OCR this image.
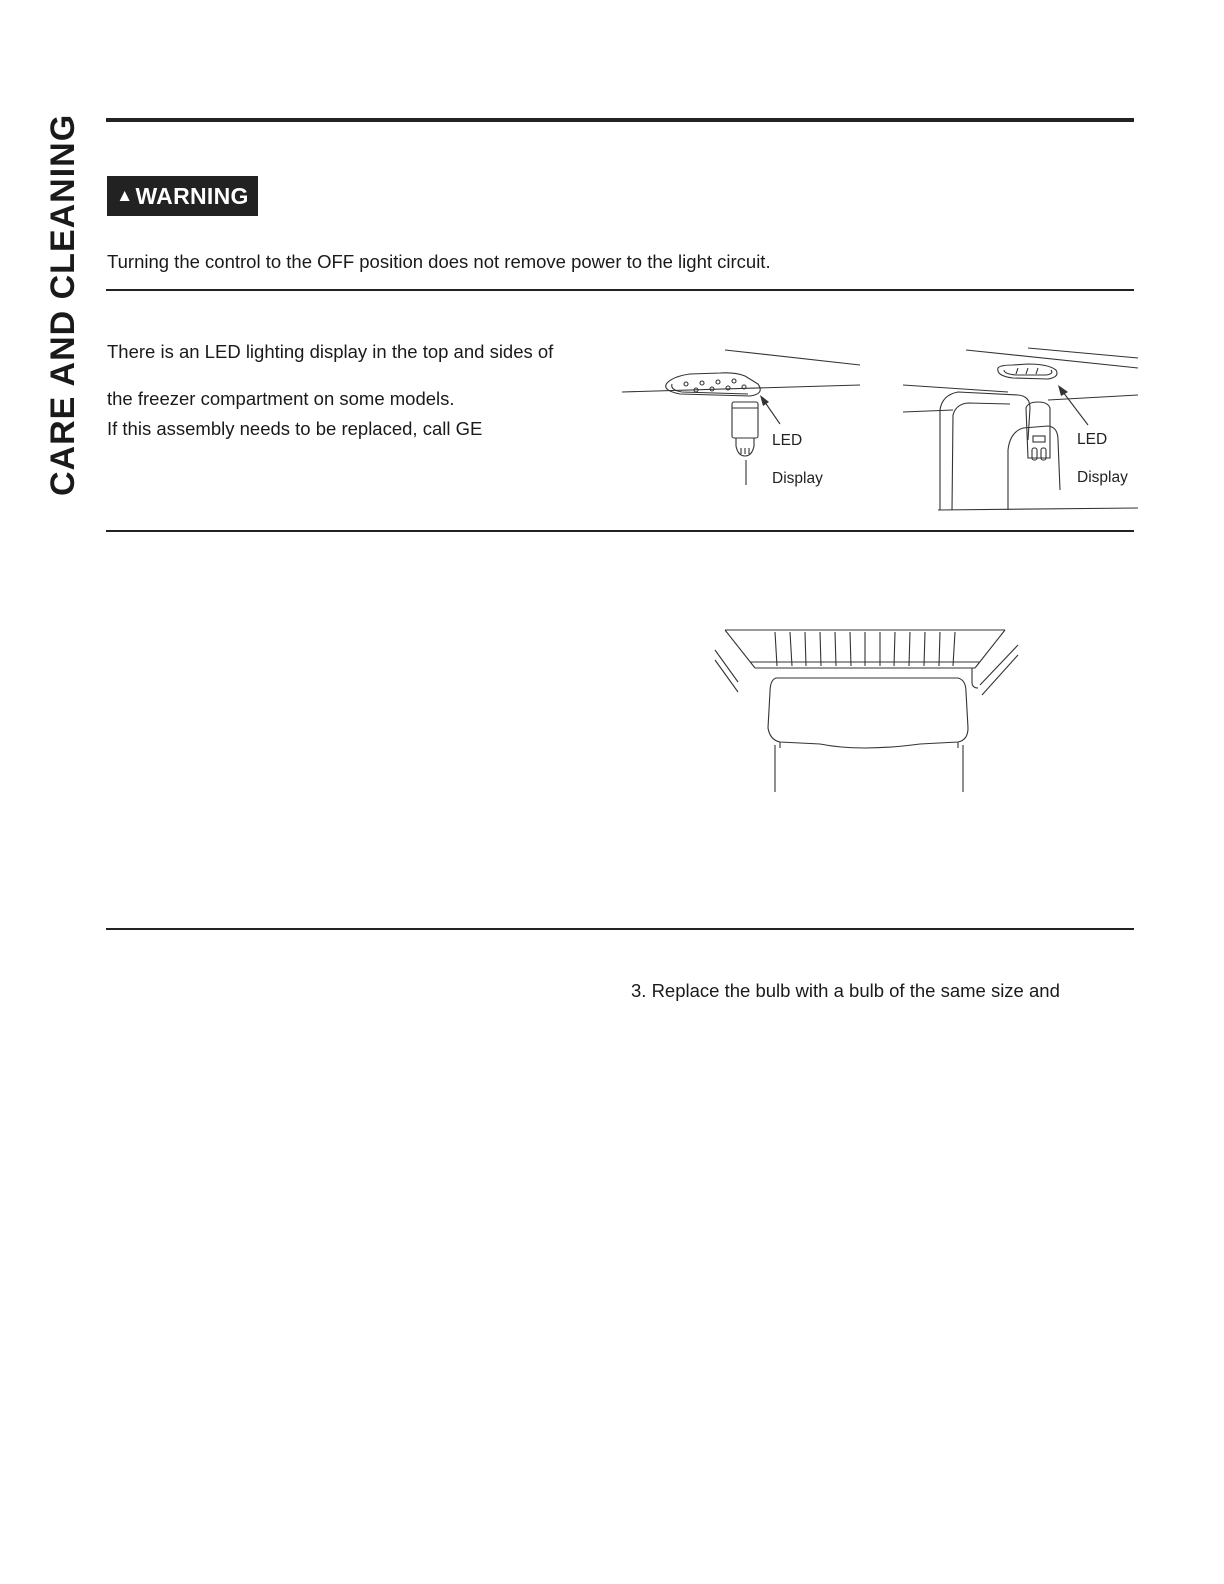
CARE AND CLEANING ▲ WARNING
Turning the control to the OFF position does not remove power to the light circuit.
There is an LED lighting display in the top and sides of
the freezer compartment on some models.
If this assembly needs to be replaced, call GE
LED
Display
LED
Display
3. Replace the bulb with a bulb of the same size and
